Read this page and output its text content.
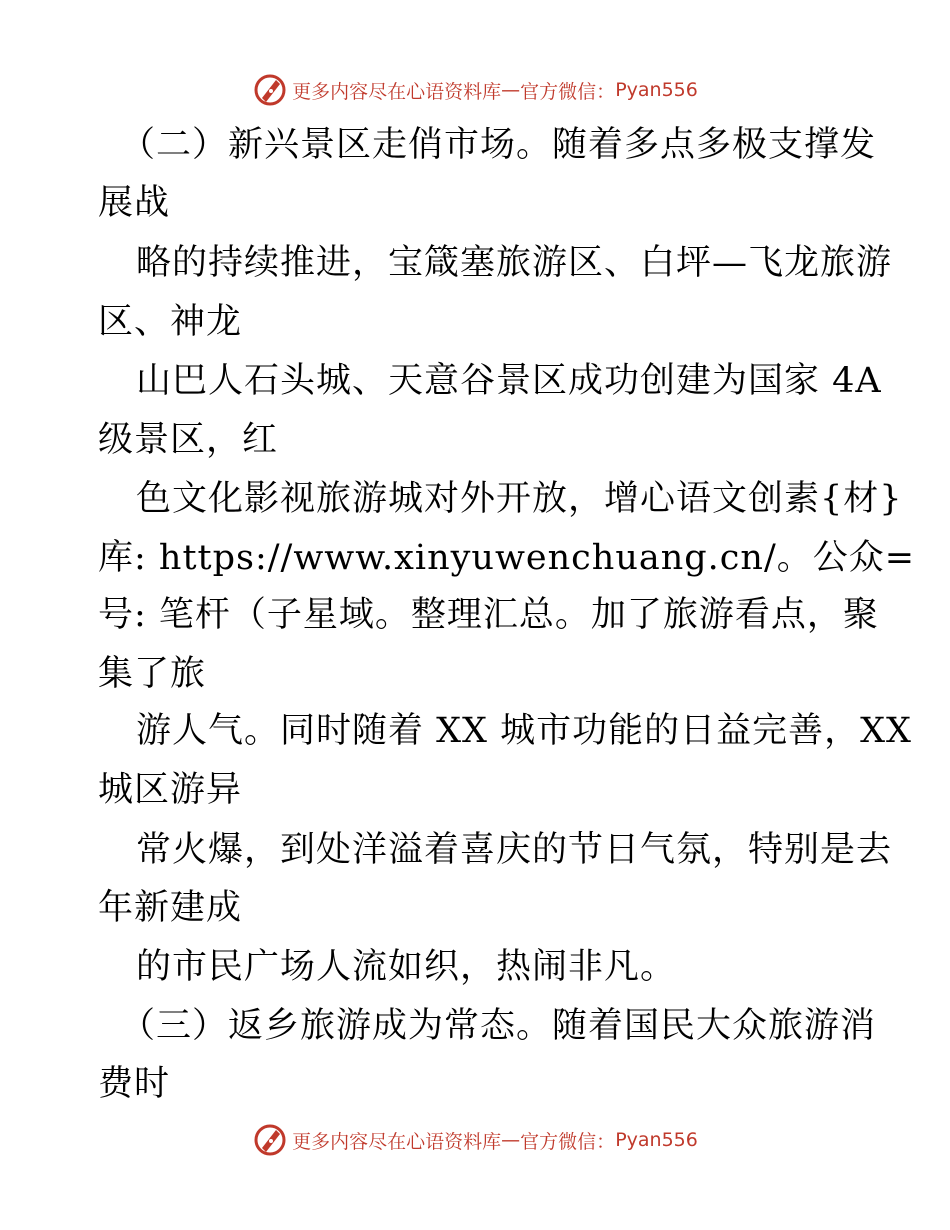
更多内容尽在心语资料库 — 官方微信： Pyan556
（二）新兴景区走俏市场。随着多点多极支撑发
展战
略的持续推进，宝箴塞旅游区、白坪—飞龙旅游
区、神龙
山巴人石头城、天意谷景区成功创建为国家 4A
级景区，红
色文化影视旅游城对外开放，增心语文创素{材}
库: https://www.xinyuwenchuang.cn/。公众=
号: 笔杆（子星域。整理汇总。加了旅游看点，聚
集了旅
游人气。同时随着 XX 城市功能的日益完善，XX
城区游异
常火爆，到处洋溢着喜庆的节日气氛，特别是去
年新建成
的市民广场人流如织，热闹非凡。
（三）返乡旅游成为常态。随着国民大众旅游消
费时
更多内容尽在心语资料库 — 官方微信： Pyan556
